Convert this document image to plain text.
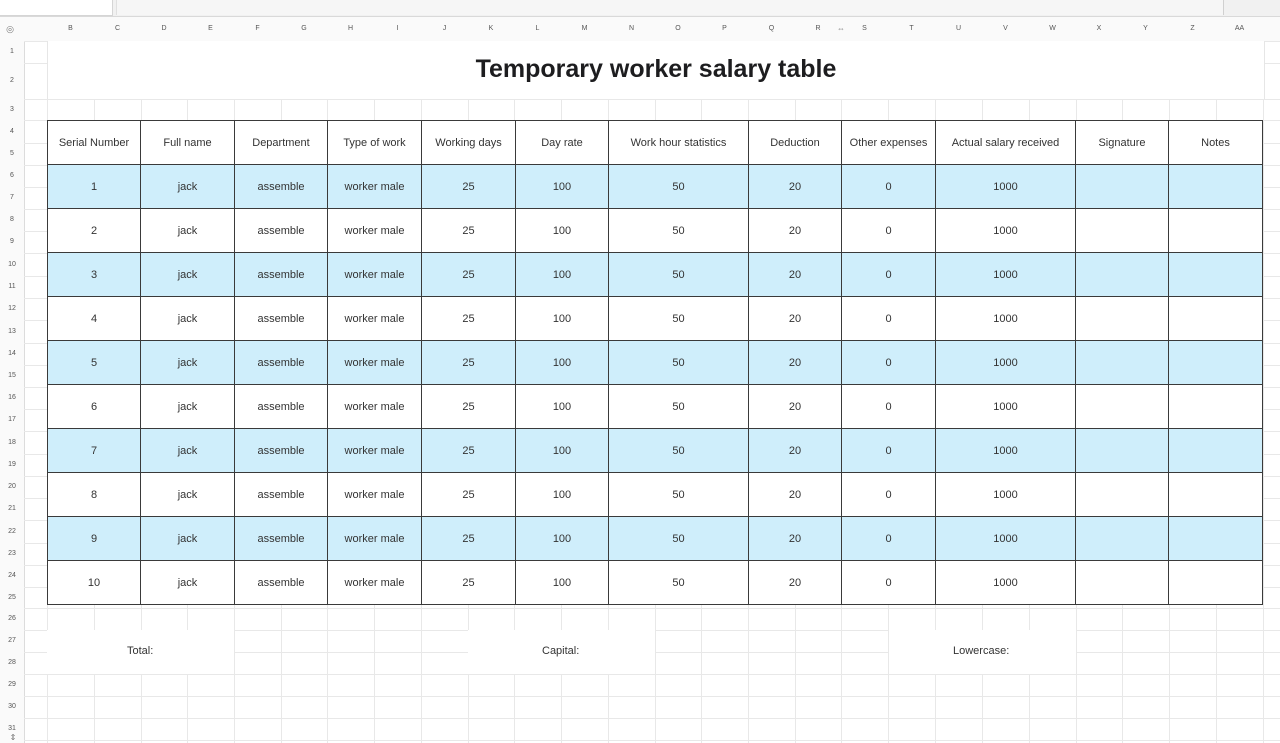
◎	⇔
B	C	D	E	F	G	H	I	J	K	L	M	N	O	P	Q	R	S	T	U	V	W	X	Y	Z	AA
1
2
3
4
5
6
7
8
9
10
11
12
13
14
15
16
17
18
19
20
21
22
23
24
25
26
27
28
29
30
31
⇕
Temporary worker salary table
Serial Number	Full name	Department	Type of work	Working days	Day rate	Work hour statistics	Deduction	Other expenses	Actual salary received	Signature	Notes
1	jack	assemble	worker male	25	100	50	20	0	1000		
2	jack	assemble	worker male	25	100	50	20	0	1000		
3	jack	assemble	worker male	25	100	50	20	0	1000		
4	jack	assemble	worker male	25	100	50	20	0	1000		
5	jack	assemble	worker male	25	100	50	20	0	1000		
6	jack	assemble	worker male	25	100	50	20	0	1000		
7	jack	assemble	worker male	25	100	50	20	0	1000		
8	jack	assemble	worker male	25	100	50	20	0	1000		
9	jack	assemble	worker male	25	100	50	20	0	1000		
10	jack	assemble	worker male	25	100	50	20	0	1000		
Total:	Capital:	Lowercase:
